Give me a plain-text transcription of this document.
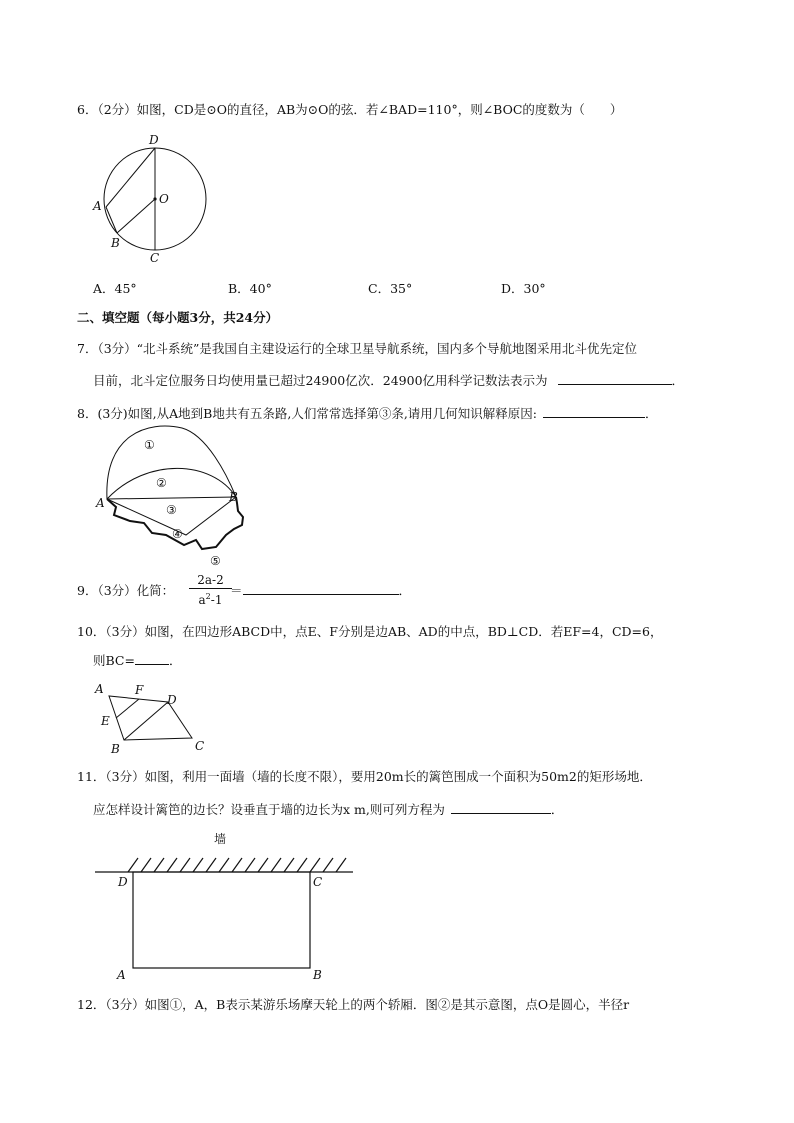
6．（2分）如图，CD是⊙O的直径，AB为⊙O的弦．若∠BAD=110°，则∠BOC的度数为（　　）
D
A	O
B
C
A．45°	B．40°	C．35°	D．30°
二、填空题（每小题3分，共24分）
7．（3分）“北斗系统”是我国自主建设运行的全球卫星导航系统，国内多个导航地图采用北斗优先定位
目前，北斗定位服务日均使用量已超过24900亿次．24900亿用科学记数法表示为	．
8．(3分)如图,从A地到B地共有五条路,人们常常选择第③条,请用几何知识解释原因:	．
①
②
③
④
⑤
A	B
9．（3分）化简： $\frac{2a-2}{a^2-1}$
＝	．
10．（3分）如图，在四边形ABCD中，点E、F分别是边AB、AD的中点，BD⊥CD．若EF=4，CD=6，
则BC=	．
A	F
D
E
B	C
11．（3分）如图，利用一面墙（墙的长度不限），要用20m长的篱笆围成一个面积为50m2的矩形场地．
应怎样设计篱笆的边长？设垂直于墙的边长为x m,则可列方程为	．
墙
D	C
A	B
12．（3分）如图①，A，B表示某游乐场摩天轮上的两个轿厢．图②是其示意图，点O是圆心，半径r
